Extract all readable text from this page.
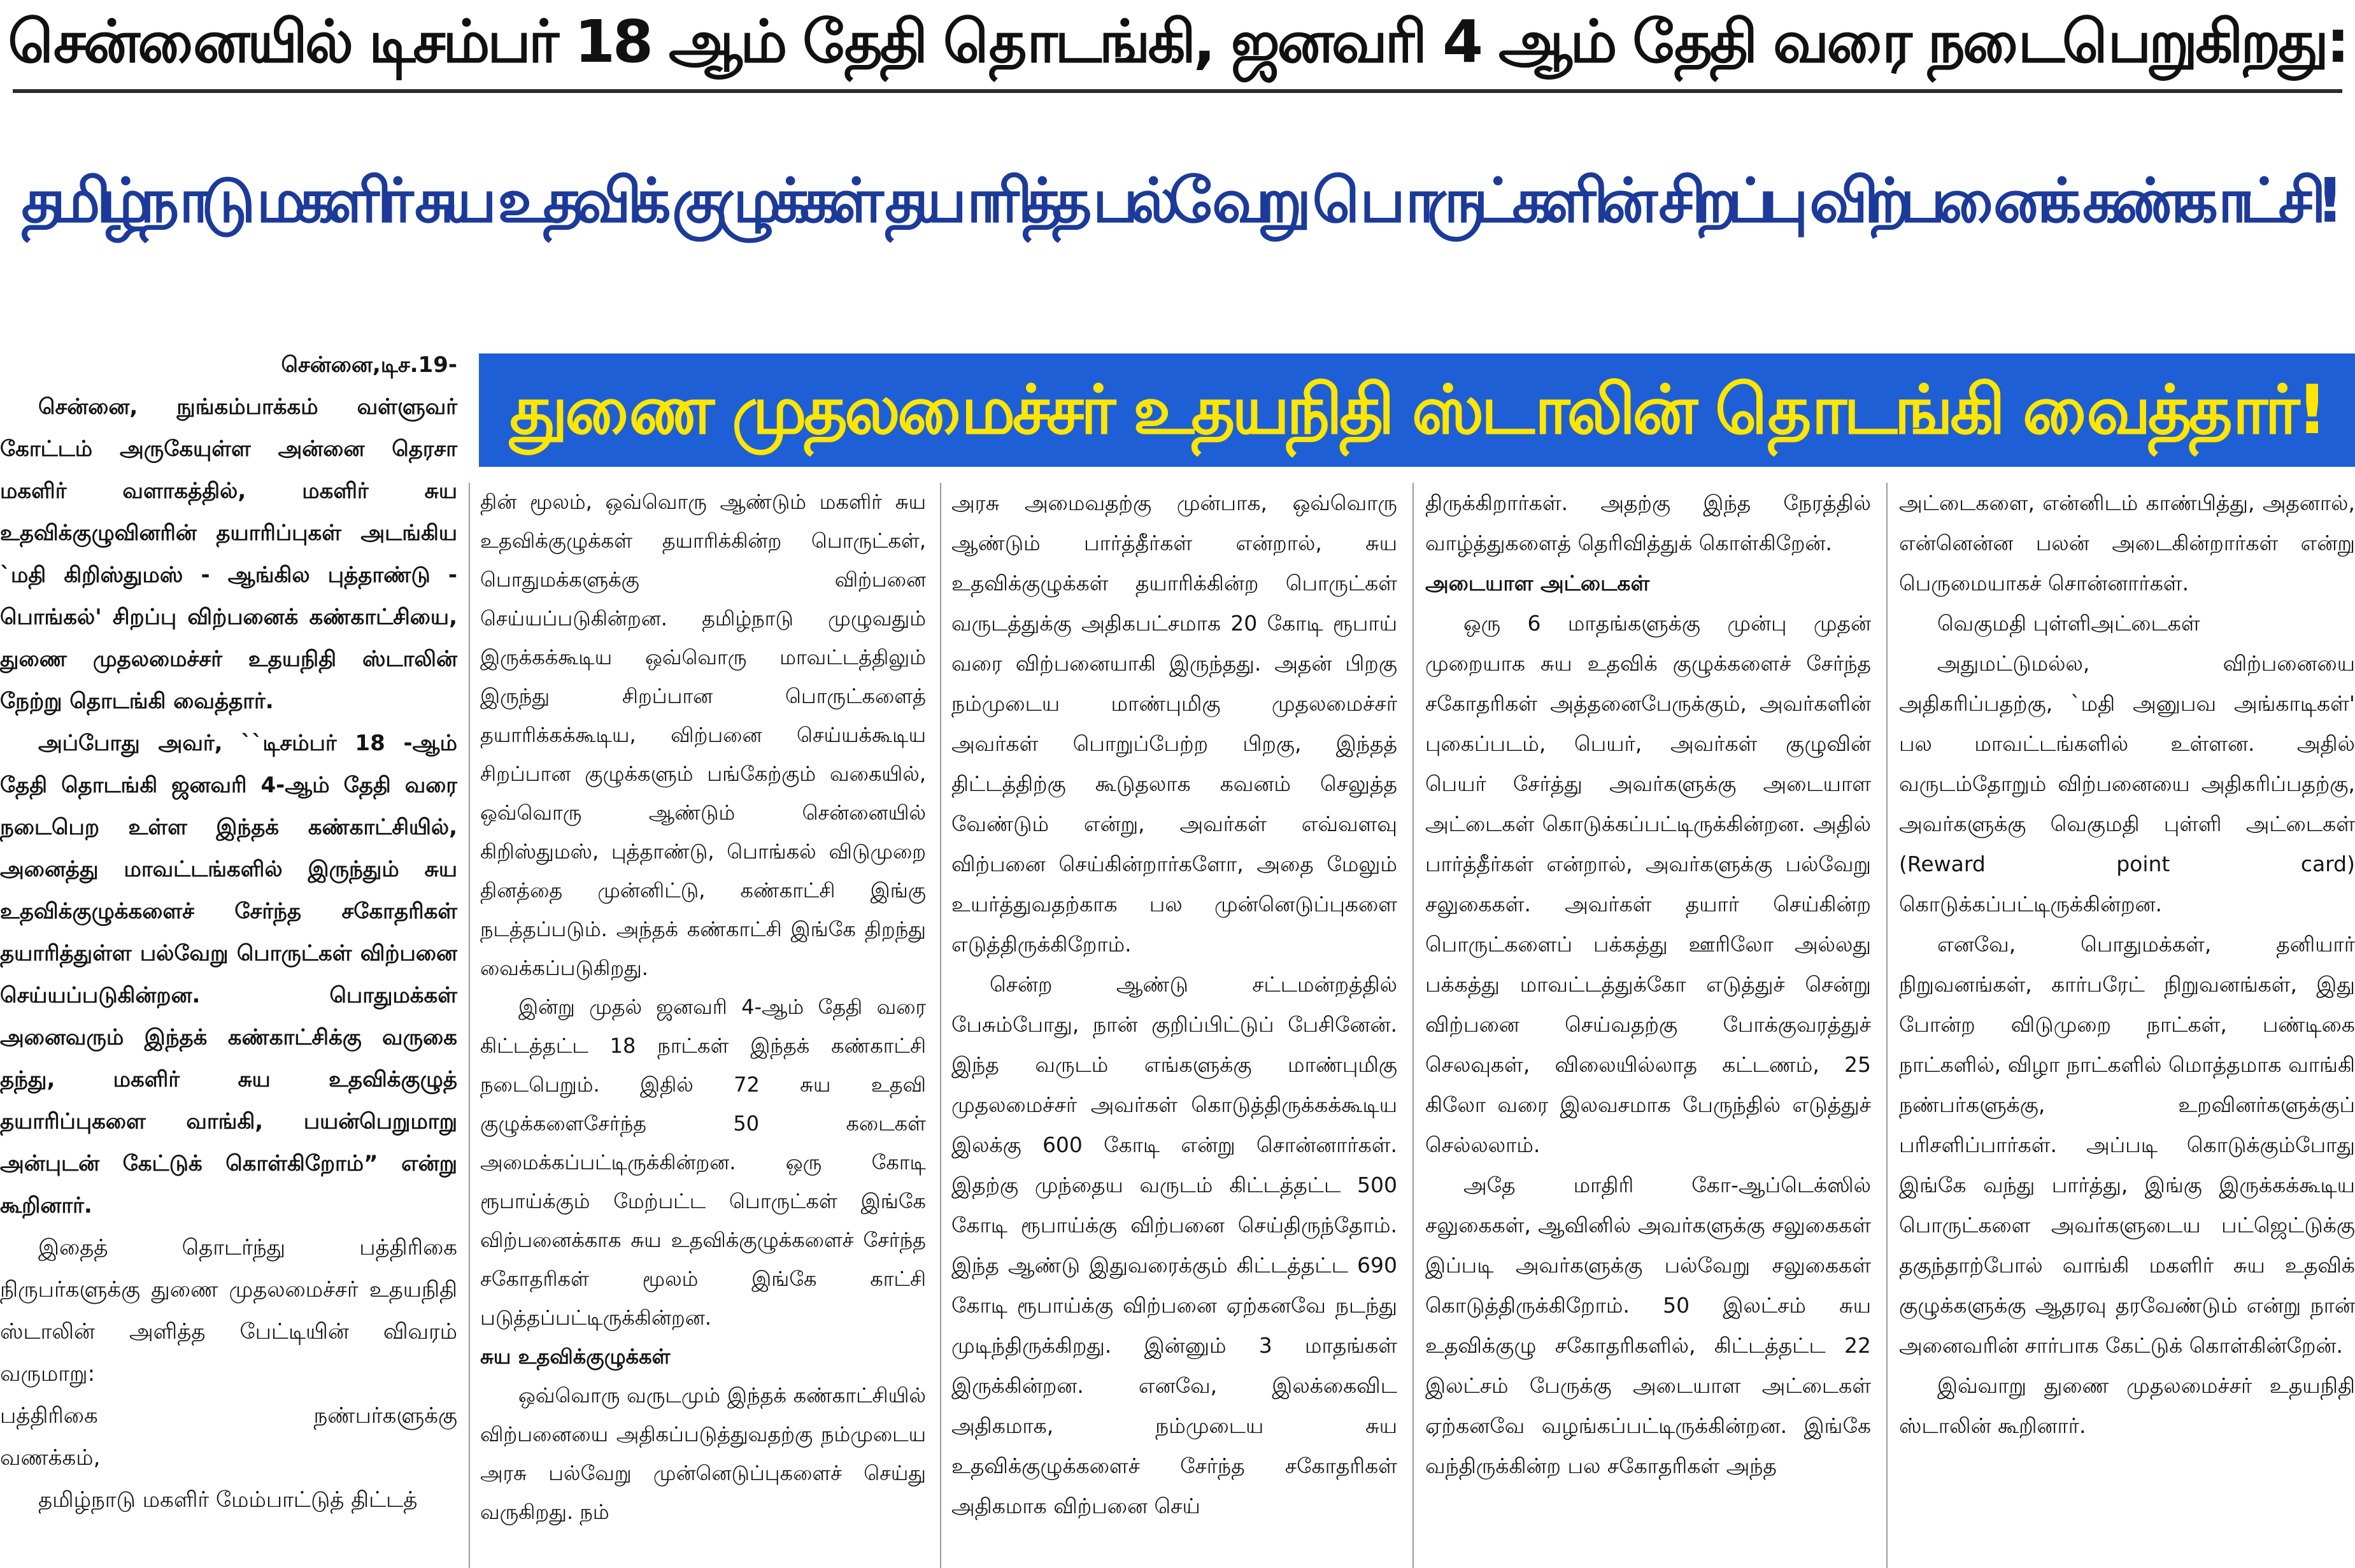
சென்னையில் டிசம்பர் 18 ஆம் தேதி தொடங்கி, ஜனவரி 4 ஆம் தேதி வரை நடைபெறுகிறது:
தமிழ்நாடு மகளிர் சுய உதவிக் குழுக்கள் தயாரித்த பல்வேறு பொருட்களின் சிறப்பு விற்பனைக் கண்காட்சி!
துணை முதலமைச்சர் உதயநிதி ஸ்டாலின் தொடங்கி வைத்தார்!

சென்னை,டிச.19-

சென்னை, நுங்கம்பாக்கம் வள்ளுவர் கோட்டம் அருகேயுள்ள அன்னை தெரசா மகளிர் வளாகத்தில், மகளிர் சுய உதவிக்குழுவினரின் தயாரிப்புகள் அடங்கிய `மதி கிறிஸ்துமஸ் - ஆங்கில புத்தாண்டு - பொங்கல்' சிறப்பு விற்பனைக் கண்காட்சியை, துணை முதலமைச்சர் உதயநிதி ஸ்டாலின் நேற்று தொடங்கி வைத்தார்.

அப்போது அவர், ``டிசம்பர் 18 -ஆம் தேதி தொடங்கி ஜனவரி 4-ஆம் தேதி வரை நடைபெற உள்ள இந்தக் கண்காட்சியில், அனைத்து மாவட்டங்களில் இருந்தும் சுய உதவிக்குழுக்களைச் சேர்ந்த சகோதரிகள் தயாரித்துள்ள பல்வேறு பொருட்கள் விற்பனை செய்யப்படுகின்றன. பொதுமக்கள் அனைவரும் இந்தக் கண்காட்சிக்கு வருகை தந்து, மகளிர் சுய உதவிக்குழுத் தயாரிப்புகளை வாங்கி, பயன்பெறுமாறு அன்புடன் கேட்டுக் கொள்கிறோம்” என்று கூறினார்.

இதைத் தொடர்ந்து பத்திரிகை நிருபர்களுக்கு துணை முதலமைச்சர் உதயநிதி ஸ்டாலின் அளித்த பேட்டியின் விவரம் வருமாறு:

பத்திரிகை	நண்பர்களுக்கு

வணக்கம்,

தமிழ்நாடு மகளிர் மேம்பாட்டுத் திட்டத்

தின் மூலம், ஒவ்வொரு ஆண்டும் மகளிர் சுய உதவிக்குழுக்கள் தயாரிக்கின்ற பொருட்கள், பொதுமக்களுக்கு விற்பனை செய்யப்படுகின்றன. தமிழ்நாடு முழுவதும் இருக்கக்கூடிய ஒவ்வொரு மாவட்டத்திலும் இருந்து சிறப்பான பொருட்களைத் தயாரிக்கக்கூடிய, விற்பனை செய்யக்கூடிய சிறப்பான குழுக்களும் பங்கேற்கும் வகையில், ஒவ்வொரு ஆண்டும் சென்னையில் கிறிஸ்துமஸ், புத்தாண்டு, பொங்கல் விடுமுறை தினத்தை முன்னிட்டு, கண்காட்சி இங்கு நடத்தப்படும். அந்தக் கண்காட்சி இங்கே திறந்து வைக்கப்படுகிறது.

இன்று முதல் ஜனவரி 4-ஆம் தேதி வரை கிட்டத்தட்ட 18 நாட்கள் இந்தக் கண்காட்சி நடைபெறும். இதில் 72 சுய உதவி குழுக்களைசேர்ந்த 50 கடைகள் அமைக்கப்பட்டிருக்கின்றன. ஒரு கோடி ரூபாய்க்கும் மேற்பட்ட பொருட்கள் இங்கே விற்பனைக்காக சுய உதவிக்குழுக்களைச் சேர்ந்த சகோதரிகள் மூலம் இங்கே காட்சி படுத்தப்பட்டிருக்கின்றன.

சுய உதவிக்குழுக்கள்

ஒவ்வொரு வருடமும் இந்தக் கண்காட்சியில் விற்பனையை அதிகப்படுத்துவதற்கு நம்முடைய அரசு பல்வேறு முன்னெடுப்புகளைச் செய்து வருகிறது. நம்

அரசு அமைவதற்கு முன்பாக, ஒவ்வொரு ஆண்டும் பார்த்தீர்கள் என்றால், சுய உதவிக்குழுக்கள் தயாரிக்கின்ற பொருட்கள் வருடத்துக்கு அதிகபட்சமாக 20 கோடி ரூபாய் வரை விற்பனையாகி இருந்தது. அதன் பிறகு நம்முடைய மாண்புமிகு முதலமைச்சர் அவர்கள் பொறுப்பேற்ற பிறகு, இந்தத் திட்டத்திற்கு கூடுதலாக கவனம் செலுத்த வேண்டும் என்று, அவர்கள் எவ்வளவு விற்பனை செய்கின்றார்களோ, அதை மேலும் உயர்த்துவதற்காக பல முன்னெடுப்புகளை எடுத்திருக்கிறோம்.

சென்ற ஆண்டு சட்டமன்றத்தில் பேசும்போது, நான் குறிப்பிட்டுப் பேசினேன். இந்த வருடம் எங்களுக்கு மாண்புமிகு முதலமைச்சர் அவர்கள் கொடுத்திருக்கக்கூடிய இலக்கு 600 கோடி என்று சொன்னார்கள். இதற்கு முந்தைய வருடம் கிட்டத்தட்ட 500 கோடி ரூபாய்க்கு விற்பனை செய்திருந்தோம். இந்த ஆண்டு இதுவரைக்கும் கிட்டத்தட்ட 690 கோடி ரூபாய்க்கு விற்பனை ஏற்கனவே நடந்து முடிந்திருக்கிறது. இன்னும் 3 மாதங்கள் இருக்கின்றன. எனவே, இலக்கைவிட அதிகமாக, நம்முடைய சுய உதவிக்குழுக்களைச் சேர்ந்த சகோதரிகள் அதிகமாக விற்பனை செய்

திருக்கிறார்கள். அதற்கு இந்த நேரத்தில் வாழ்த்துகளைத் தெரிவித்துக் கொள்கிறேன்.

அடையாள அட்டைகள்

ஒரு 6 மாதங்களுக்கு முன்பு முதன் முறையாக சுய உதவிக் குழுக்களைச் சேர்ந்த சகோதரிகள் அத்தனைபேருக்கும், அவர்களின் புகைப்படம், பெயர், அவர்கள் குழுவின் பெயர் சேர்த்து அவர்களுக்கு அடையாள அட்டைகள் கொடுக்கப்பட்டிருக்கின்றன. அதில் பார்த்தீர்கள் என்றால், அவர்களுக்கு பல்வேறு சலுகைகள். அவர்கள் தயார் செய்கின்ற பொருட்களைப் பக்கத்து ஊரிலோ அல்லது பக்கத்து மாவட்டத்துக்கோ எடுத்துச் சென்று விற்பனை செய்வதற்கு போக்குவரத்துச் செலவுகள், விலையில்லாத கட்டணம், 25 கிலோ வரை இலவசமாக பேருந்தில் எடுத்துச் செல்லலாம்.

அதே மாதிரி கோ-ஆப்டெக்ஸில் சலுகைகள், ஆவினில் அவர்களுக்கு சலுகைகள் இப்படி அவர்களுக்கு பல்வேறு சலுகைகள் கொடுத்திருக்கிறோம். 50 இலட்சம் சுய உதவிக்குழு சகோதரிகளில், கிட்டத்தட்ட 22 இலட்சம் பேருக்கு அடையாள அட்டைகள் ஏற்கனவே வழங்கப்பட்டிருக்கின்றன. இங்கே வந்திருக்கின்ற பல சகோதரிகள் அந்த

அட்டைகளை, என்னிடம் காண்பித்து, அதனால், என்னென்ன பலன் அடைகின்றார்கள் என்று பெருமையாகச் சொன்னார்கள்.

வெகுமதி புள்ளிஅட்டைகள்

அதுமட்டுமல்ல, விற்பனையை அதிகரிப்பதற்கு, `மதி அனுபவ அங்காடிகள்' பல மாவட்டங்களில் உள்ளன. அதில் வருடம்தோறும் விற்பனையை அதிகரிப்பதற்கு, அவர்களுக்கு வெகுமதி புள்ளி அட்டைகள் (Reward point card) கொடுக்கப்பட்டிருக்கின்றன.

எனவே, பொதுமக்கள், தனியார் நிறுவனங்கள், கார்பரேட் நிறுவனங்கள், இது போன்ற விடுமுறை நாட்கள், பண்டிகை நாட்களில், விழா நாட்களில் மொத்தமாக வாங்கி நண்பர்களுக்கு, உறவினர்களுக்குப் பரிசளிப்பார்கள். அப்படி கொடுக்கும்போது இங்கே வந்து பார்த்து, இங்கு இருக்கக்கூடிய பொருட்களை அவர்களுடைய பட்ஜெட்டுக்கு தகுந்தாற்போல் வாங்கி மகளிர் சுய உதவிக் குழுக்களுக்கு ஆதரவு தரவேண்டும் என்று நான் அனைவரின் சார்பாக கேட்டுக் கொள்கின்றேன்.

இவ்வாறு துணை முதலமைச்சர் உதயநிதி ஸ்டாலின் கூறினார்.
